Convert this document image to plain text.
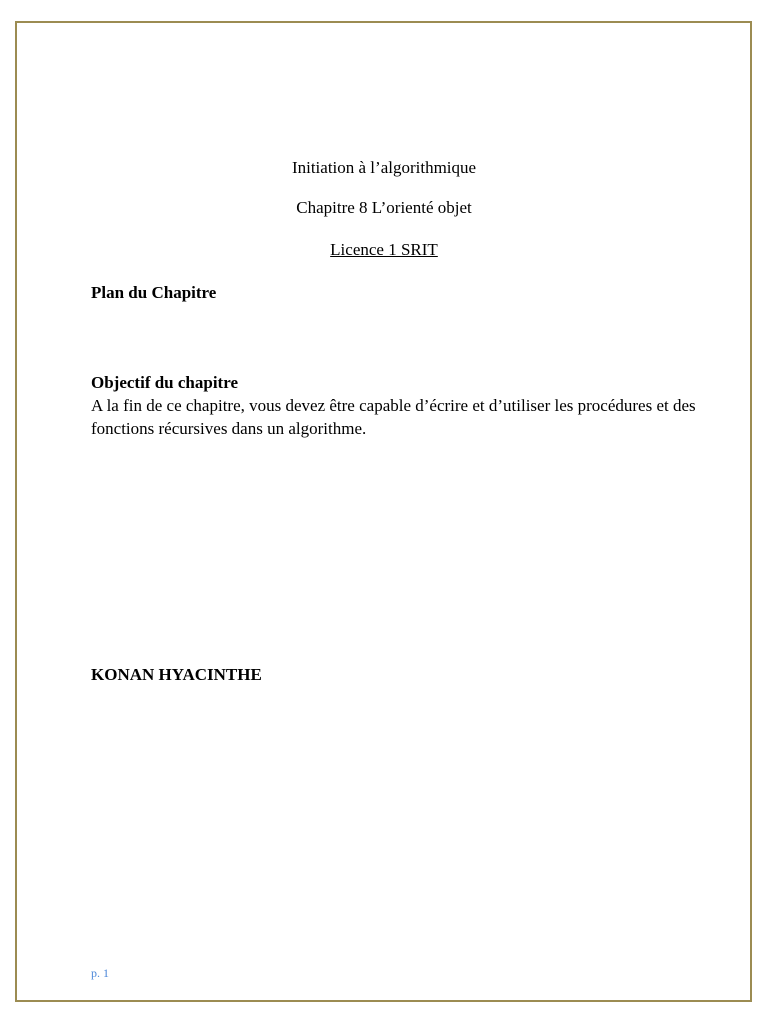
Initiation à l’algorithmique
Chapitre 8 L’orienté objet
Licence 1 SRIT
Plan du Chapitre
Objectif du chapitre
A la fin de ce chapitre, vous devez être capable d’écrire et d’utiliser les procédures et des fonctions récursives dans un algorithme.
KONAN HYACINTHE
p. 1
